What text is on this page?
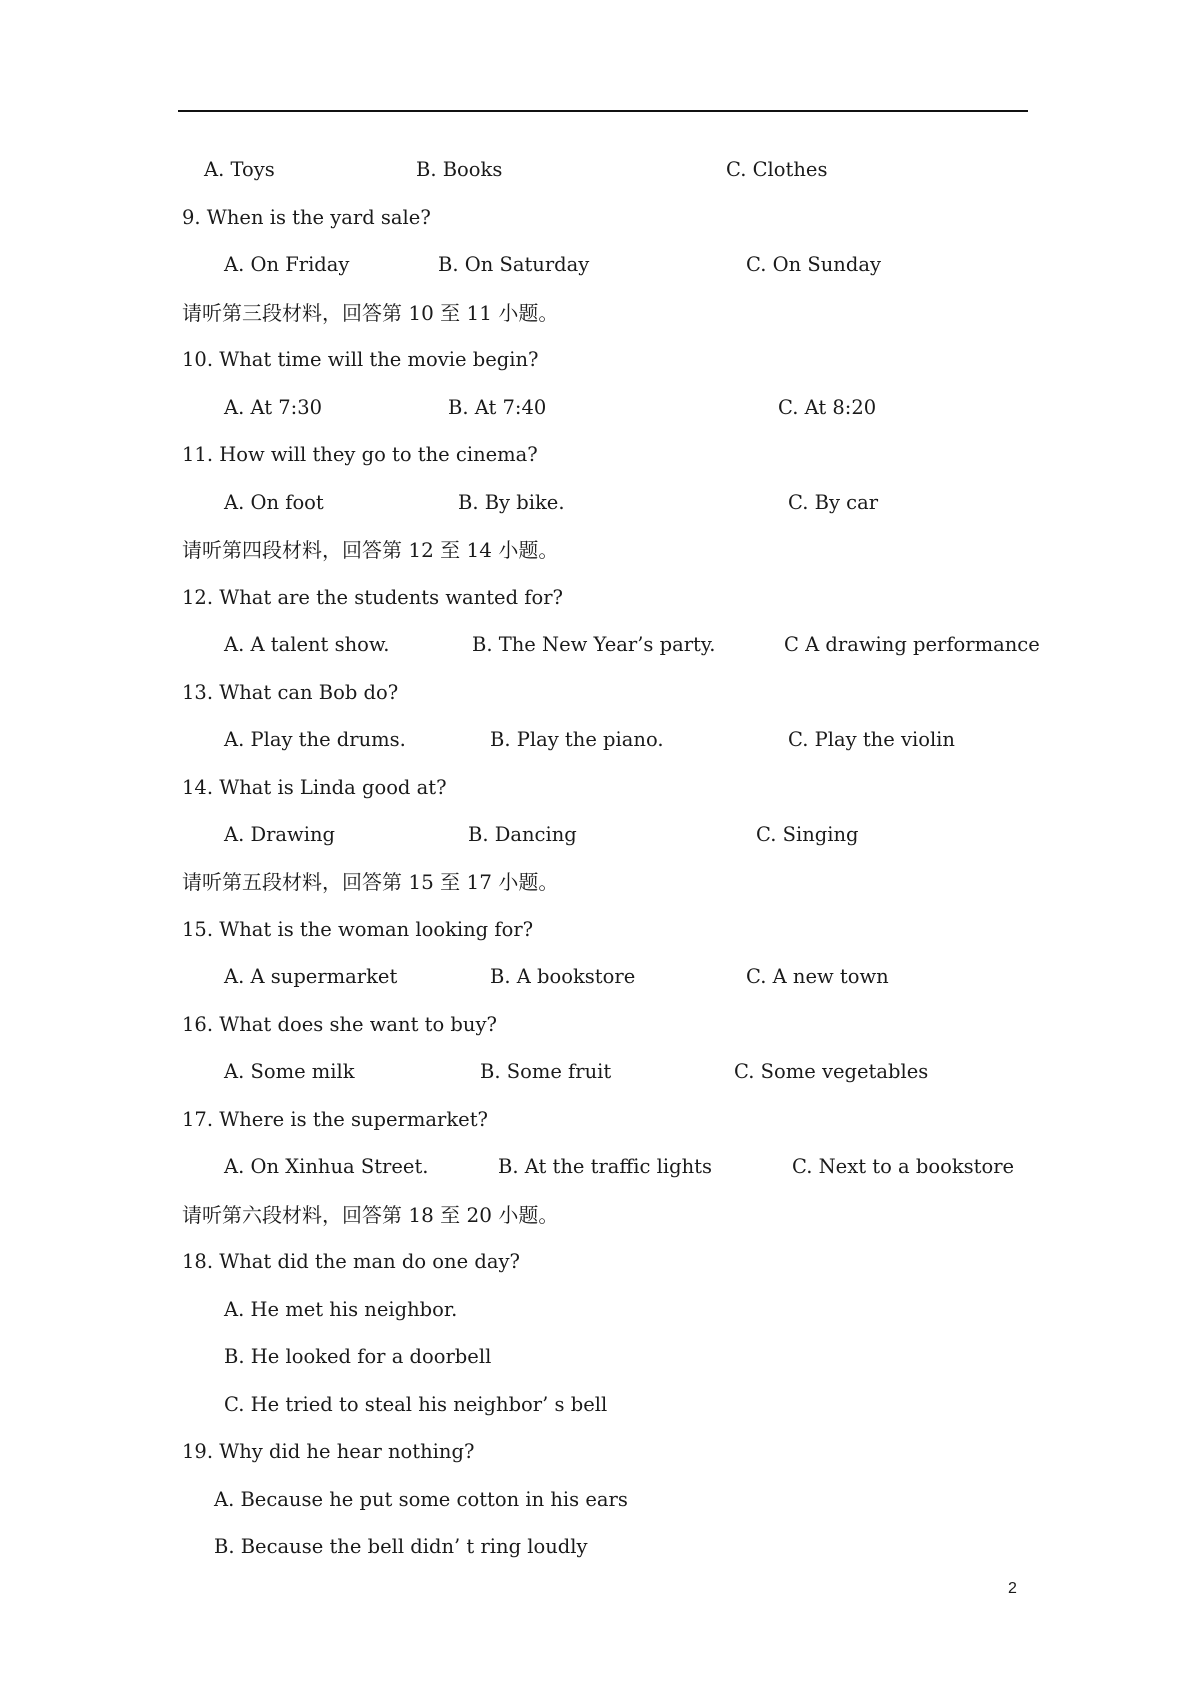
A. Toys

	B. Books

	C. Clothes

9. When is the yard sale?

A. On Friday

	B. On Saturday

	C. On Sunday

请听第三段材料，回答第 10 至 11 小题。

10. What time will the movie begin?

A. At 7:30

	B. At 7:40

	C. At 8:20

11. How will they go to the cinema?

A. On foot

	B. By bike.

	C. By car

请听第四段材料，回答第 12 至 14 小题。

12. What are the students wanted for?

A. A talent show.

	B. The New Year’s party.

	C A drawing performance

13. What can Bob do?

A. Play the drums.

	B. Play the piano.

	C. Play the violin

14. What is Linda good at?

A. Drawing

	B. Dancing

	C. Singing

请听第五段材料，回答第 15 至 17 小题。

15. What is the woman looking for?

A. A supermarket

	B. A bookstore

	C. A new town

16. What does she want to buy?

A. Some milk

	B. Some fruit

	C. Some vegetables

17. Where is the supermarket?

A. On Xinhua Street.

	B. At the traffic lights

	C. Next to a bookstore

请听第六段材料，回答第 18 至 20 小题。

18. What did the man do one day?

A. He met his neighbor.

B. He looked for a doorbell

C. He tried to steal his neighbor’ s bell

19. Why did he hear nothing?

A. Because he put some cotton in his ears

B. Because the bell didn’ t ring loudly

2
